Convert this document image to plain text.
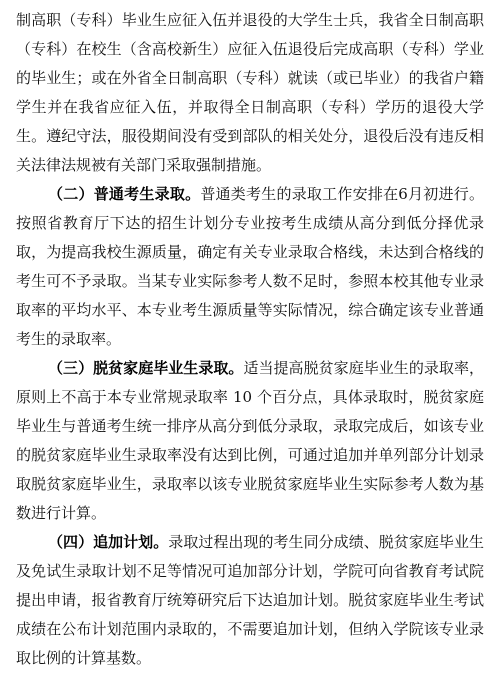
制高职（专科）毕业生应征入伍并退役的大学生士兵，我省全日制高职（专科）在校生（含高校新生）应征入伍退役后完成高职（专科）学业的毕业生；或在外省全日制高职（专科）就读（或已毕业）的我省户籍学生并在我省应征入伍，并取得全日制高职（专科）学历的退役大学生。遵纪守法，服役期间没有受到部队的相关处分，退役后没有违反相关法律法规被有关部门采取强制措施。

（二）普通考生录取。普通类考生的录取工作安排在6月初进行。按照省教育厅下达的招生计划分专业按考生成绩从高分到低分择优录取，为提高我校生源质量，确定有关专业录取合格线，未达到合格线的考生可不予录取。当某专业实际参考人数不足时，参照本校其他专业录取率的平均水平、本专业考生源质量等实际情况，综合确定该专业普通考生的录取率。

（三）脱贫家庭毕业生录取。适当提高脱贫家庭毕业生的录取率，原则上不高于本专业常规录取率 10 个百分点，具体录取时，脱贫家庭毕业生与普通考生统一排序从高分到低分录取，录取完成后，如该专业的脱贫家庭毕业生录取率没有达到比例，可通过追加并单列部分计划录取脱贫家庭毕业生，录取率以该专业脱贫家庭毕业生实际参考人数为基数进行计算。

（四）追加计划。录取过程出现的考生同分成绩、脱贫家庭毕业生及免试生录取计划不足等情况可追加部分计划，学院可向省教育考试院提出申请，报省教育厅统筹研究后下达追加计划。脱贫家庭毕业生考试成绩在公布计划范围内录取的，不需要追加计划，但纳入学院该专业录取比例的计算基数。
